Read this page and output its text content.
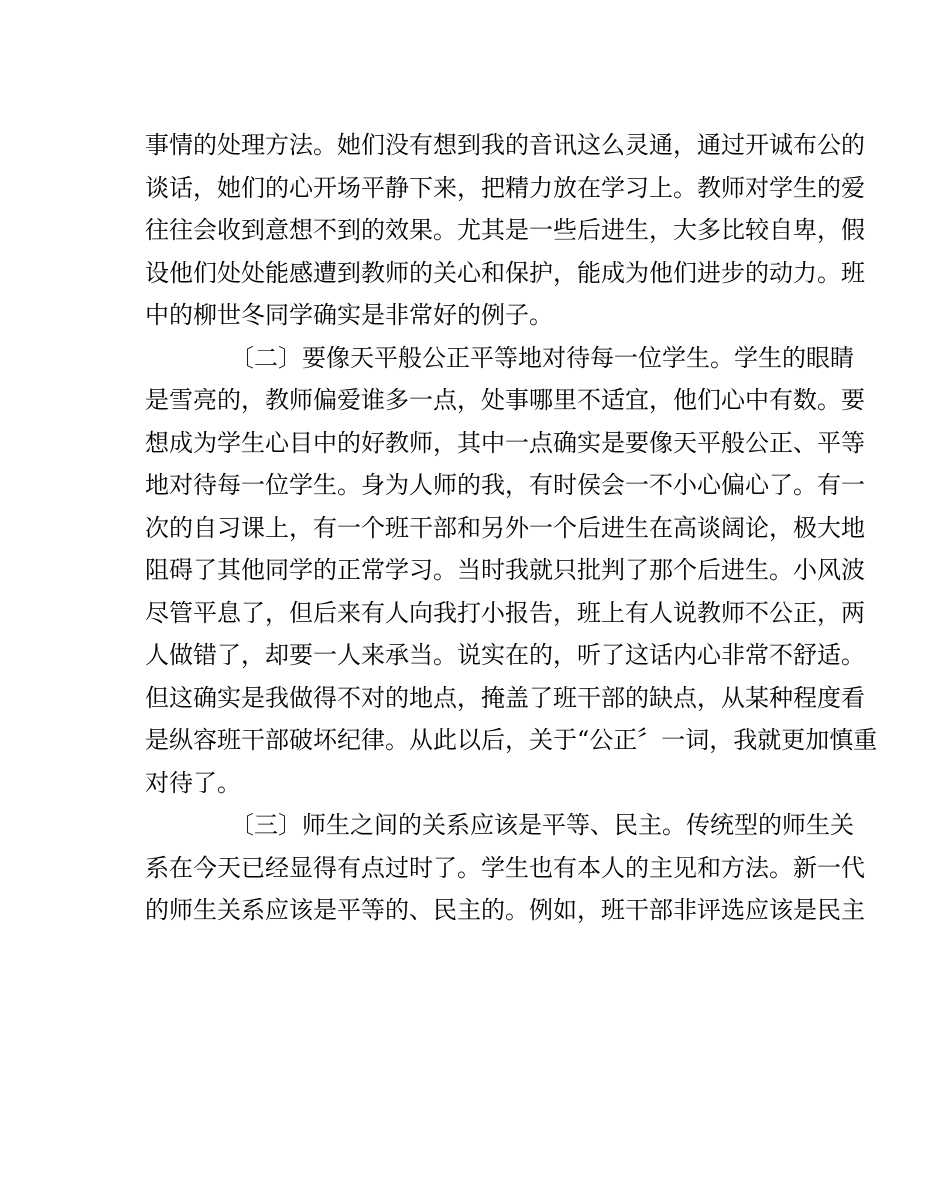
事情的处理方法。她们没有想到我的音讯这么灵通，通过开诚布公的
谈话，她们的心开场平静下来，把精力放在学习上。教师对学生的爱
往往会收到意想不到的效果。尤其是一些后进生，大多比较自卑，假
设他们处处能感遭到教师的关心和保护，能成为他们进步的动力。班
中的柳世冬同学确实是非常好的例子。
〔二〕要像天平般公正平等地对待每一位学生。学生的眼睛
是雪亮的，教师偏爱谁多一点，处事哪里不适宜，他们心中有数。要
想成为学生心目中的好教师，其中一点确实是要像天平般公正、平等
地对待每一位学生。身为人师的我，有时侯会一不小心偏心了。有一
次的自习课上，有一个班干部和另外一个后进生在高谈阔论，极大地
阻碍了其他同学的正常学习。当时我就只批判了那个后进生。小风波
尽管平息了，但后来有人向我打小报告，班上有人说教师不公正，两
人做错了，却要一人来承当。说实在的，听了这话内心非常不舒适。
但这确实是我做得不对的地点，掩盖了班干部的缺点，从某种程度看
是纵容班干部破坏纪律。从此以后，关于“公正〞一词，我就更加慎重
对待了。
〔三〕师生之间的关系应该是平等、民主。传统型的师生关
系在今天已经显得有点过时了。学生也有本人的主见和方法。新一代
的师生关系应该是平等的、民主的。例如，班干部非评选应该是民主
